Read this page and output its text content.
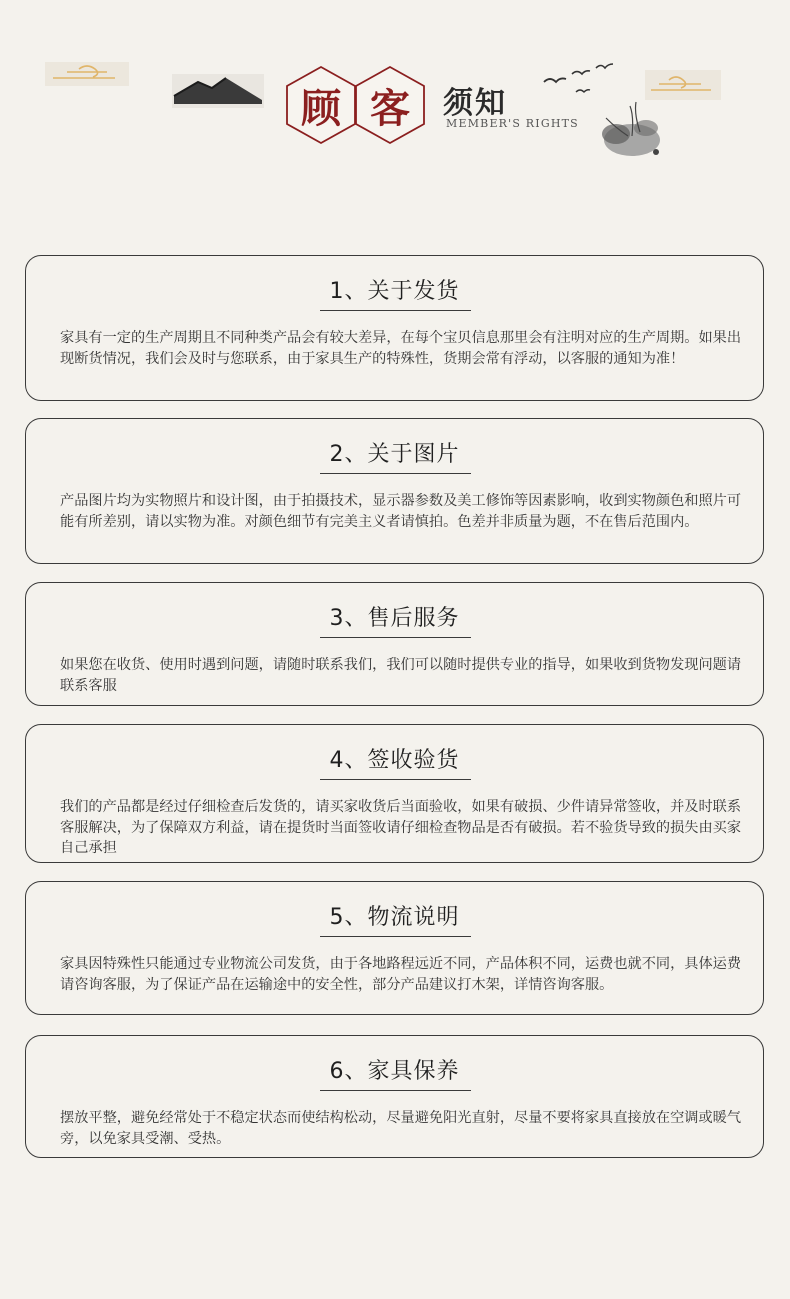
顾 客	须知
MEMBER'S RIGHTS
1、关于发货
家具有一定的生产周期且不同种类产品会有较大差异，在每个宝贝信息那里会有注明对应的生产周期。如果出现断货情况，我们会及时与您联系，由于家具生产的特殊性，货期会常有浮动，以客服的通知为准！
2、关于图片
产品图片均为实物照片和设计图，由于拍摄技术，显示器参数及美工修饰等因素影响，收到实物颜色和照片可能有所差别，请以实物为准。对颜色细节有完美主义者请慎拍。色差并非质量为题，不在售后范围内。
3、售后服务
如果您在收货、使用时遇到问题，请随时联系我们，我们可以随时提供专业的指导，如果收到货物发现问题请联系客服
4、签收验货
我们的产品都是经过仔细检查后发货的，请买家收货后当面验收，如果有破损、少件请异常签收，并及时联系客服解决，为了保障双方利益，请在提货时当面签收请仔细检查物品是否有破损。若不验货导致的损失由买家自己承担
5、物流说明
家具因特殊性只能通过专业物流公司发货，由于各地路程远近不同，产品体积不同，运费也就不同，具体运费请咨询客服，为了保证产品在运输途中的安全性，部分产品建议打木架，详情咨询客服。
6、家具保养
摆放平整，避免经常处于不稳定状态而使结构松动，尽量避免阳光直射，尽量不要将家具直接放在空调或暖气旁，以免家具受潮、受热。
